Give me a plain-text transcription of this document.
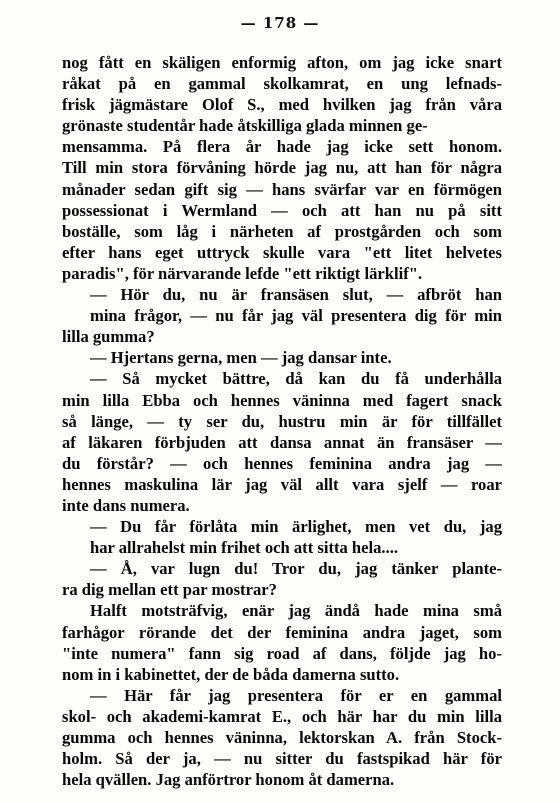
— 178 —
nog fått en skäligen enformig afton, om jag icke snart
råkat på en gammal skolkamrat, en ung lefnads-
frisk jägmästare Olof S., med hvilken jag från våra
grönaste studentår hade åtskilliga glada minnen ge-
mensamma. På flera år hade jag icke sett honom.
Till min stora förvåning hörde jag nu, att han för några
månader sedan gift sig — hans svärfar var en förmögen
possessionat i Wermland — och att han nu på sitt
boställe, som låg i närheten af prostgården och som
efter hans eget uttryck skulle vara "ett litet helvetes
paradis", för närvarande lefde "ett riktigt lärklif".
— Hör du, nu är fransäsen slut, — afbröt han
mina frågor, — nu får jag väl presentera dig för min
lilla gumma?
— Hjertans gerna, men — jag dansar inte.
— Så mycket bättre, då kan du få underhålla
min lilla Ebba och hennes väninna med fagert snack
så länge, — ty ser du, hustru min är för tillfället
af läkaren förbjuden att dansa annat än fransäser —
du förstår? — och hennes feminina andra jag —
hennes maskulina lär jag väl allt vara sjelf — roar
inte dans numera.
— Du får förlåta min ärlighet, men vet du, jag
har allrahelst min frihet och att sitta hela....
— Å, var lugn du! Tror du, jag tänker plante-
ra dig mellan ett par mostrar?
Halft motsträfvig, enär jag ändå hade mina små
farhågor rörande det der feminina andra jaget, som
"inte numera" fann sig road af dans, följde jag ho-
nom in i kabinettet, der de båda damerna sutto.
— Här får jag presentera för er en gammal
skol- och akademi-kamrat E., och här har du min lilla
gumma och hennes väninna, lektorskan A. från Stock-
holm. Så der ja, — nu sitter du fastspikad här för
hela qvällen. Jag anförtror honom åt damerna.
